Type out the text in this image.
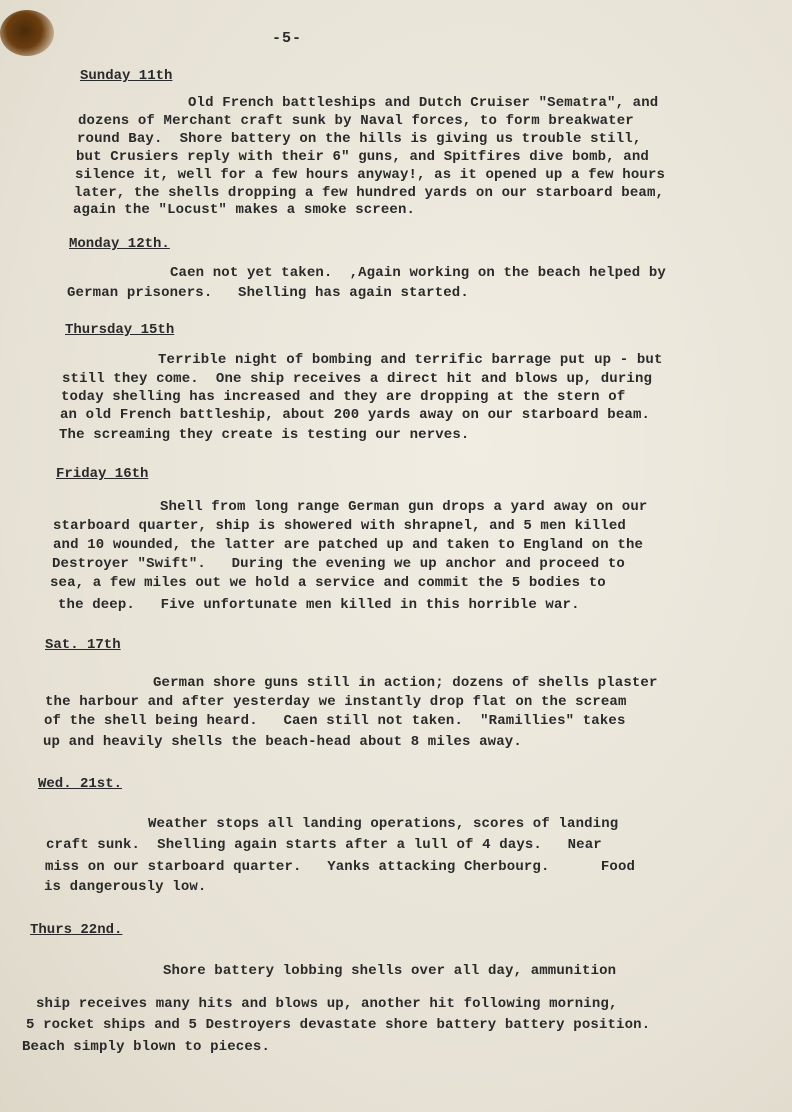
-5-
Sunday 11th
Old French battleships and Dutch Cruiser "Sematra", and
dozens of Merchant craft sunk by Naval forces, to form breakwater
round Bay.  Shore battery on the hills is giving us trouble still,
but Crusiers reply with their 6" guns, and Spitfires dive bomb, and
silence it, well for a few hours anyway!, as it opened up a few hours
later, the shells dropping a few hundred yards on our starboard beam,
again the "Locust" makes a smoke screen.
Monday 12th.
Caen not yet taken.  ,Again working on the beach helped by
German prisoners.   Shelling has again started.
Thursday 15th
Terrible night of bombing and terrific barrage put up - but
still they come.  One ship receives a direct hit and blows up, during
today shelling has increased and they are dropping at the stern of
an old French battleship, about 200 yards away on our starboard beam.
The screaming they create is testing our nerves.
Friday 16th
Shell from long range German gun drops a yard away on our
starboard quarter, ship is showered with shrapnel, and 5 men killed
and 10 wounded, the latter are patched up and taken to England on the
Destroyer "Swift".   During the evening we up anchor and proceed to
sea, a few miles out we hold a service and commit the 5 bodies to
the deep.   Five unfortunate men killed in this horrible war.
Sat. 17th
German shore guns still in action; dozens of shells plaster
the harbour and after yesterday we instantly drop flat on the scream
of the shell being heard.   Caen still not taken.  "Ramillies" takes
up and heavily shells the beach-head about 8 miles away.
Wed. 21st.
Weather stops all landing operations, scores of landing
craft sunk.  Shelling again starts after a lull of 4 days.   Near
miss on our starboard quarter.   Yanks attacking Cherbourg.      Food
is dangerously low.
Thurs 22nd.
Shore battery lobbing shells over all day, ammunition
ship receives many hits and blows up, another hit following morning,
5 rocket ships and 5 Destroyers devastate shore battery battery position.
Beach simply blown to pieces.
